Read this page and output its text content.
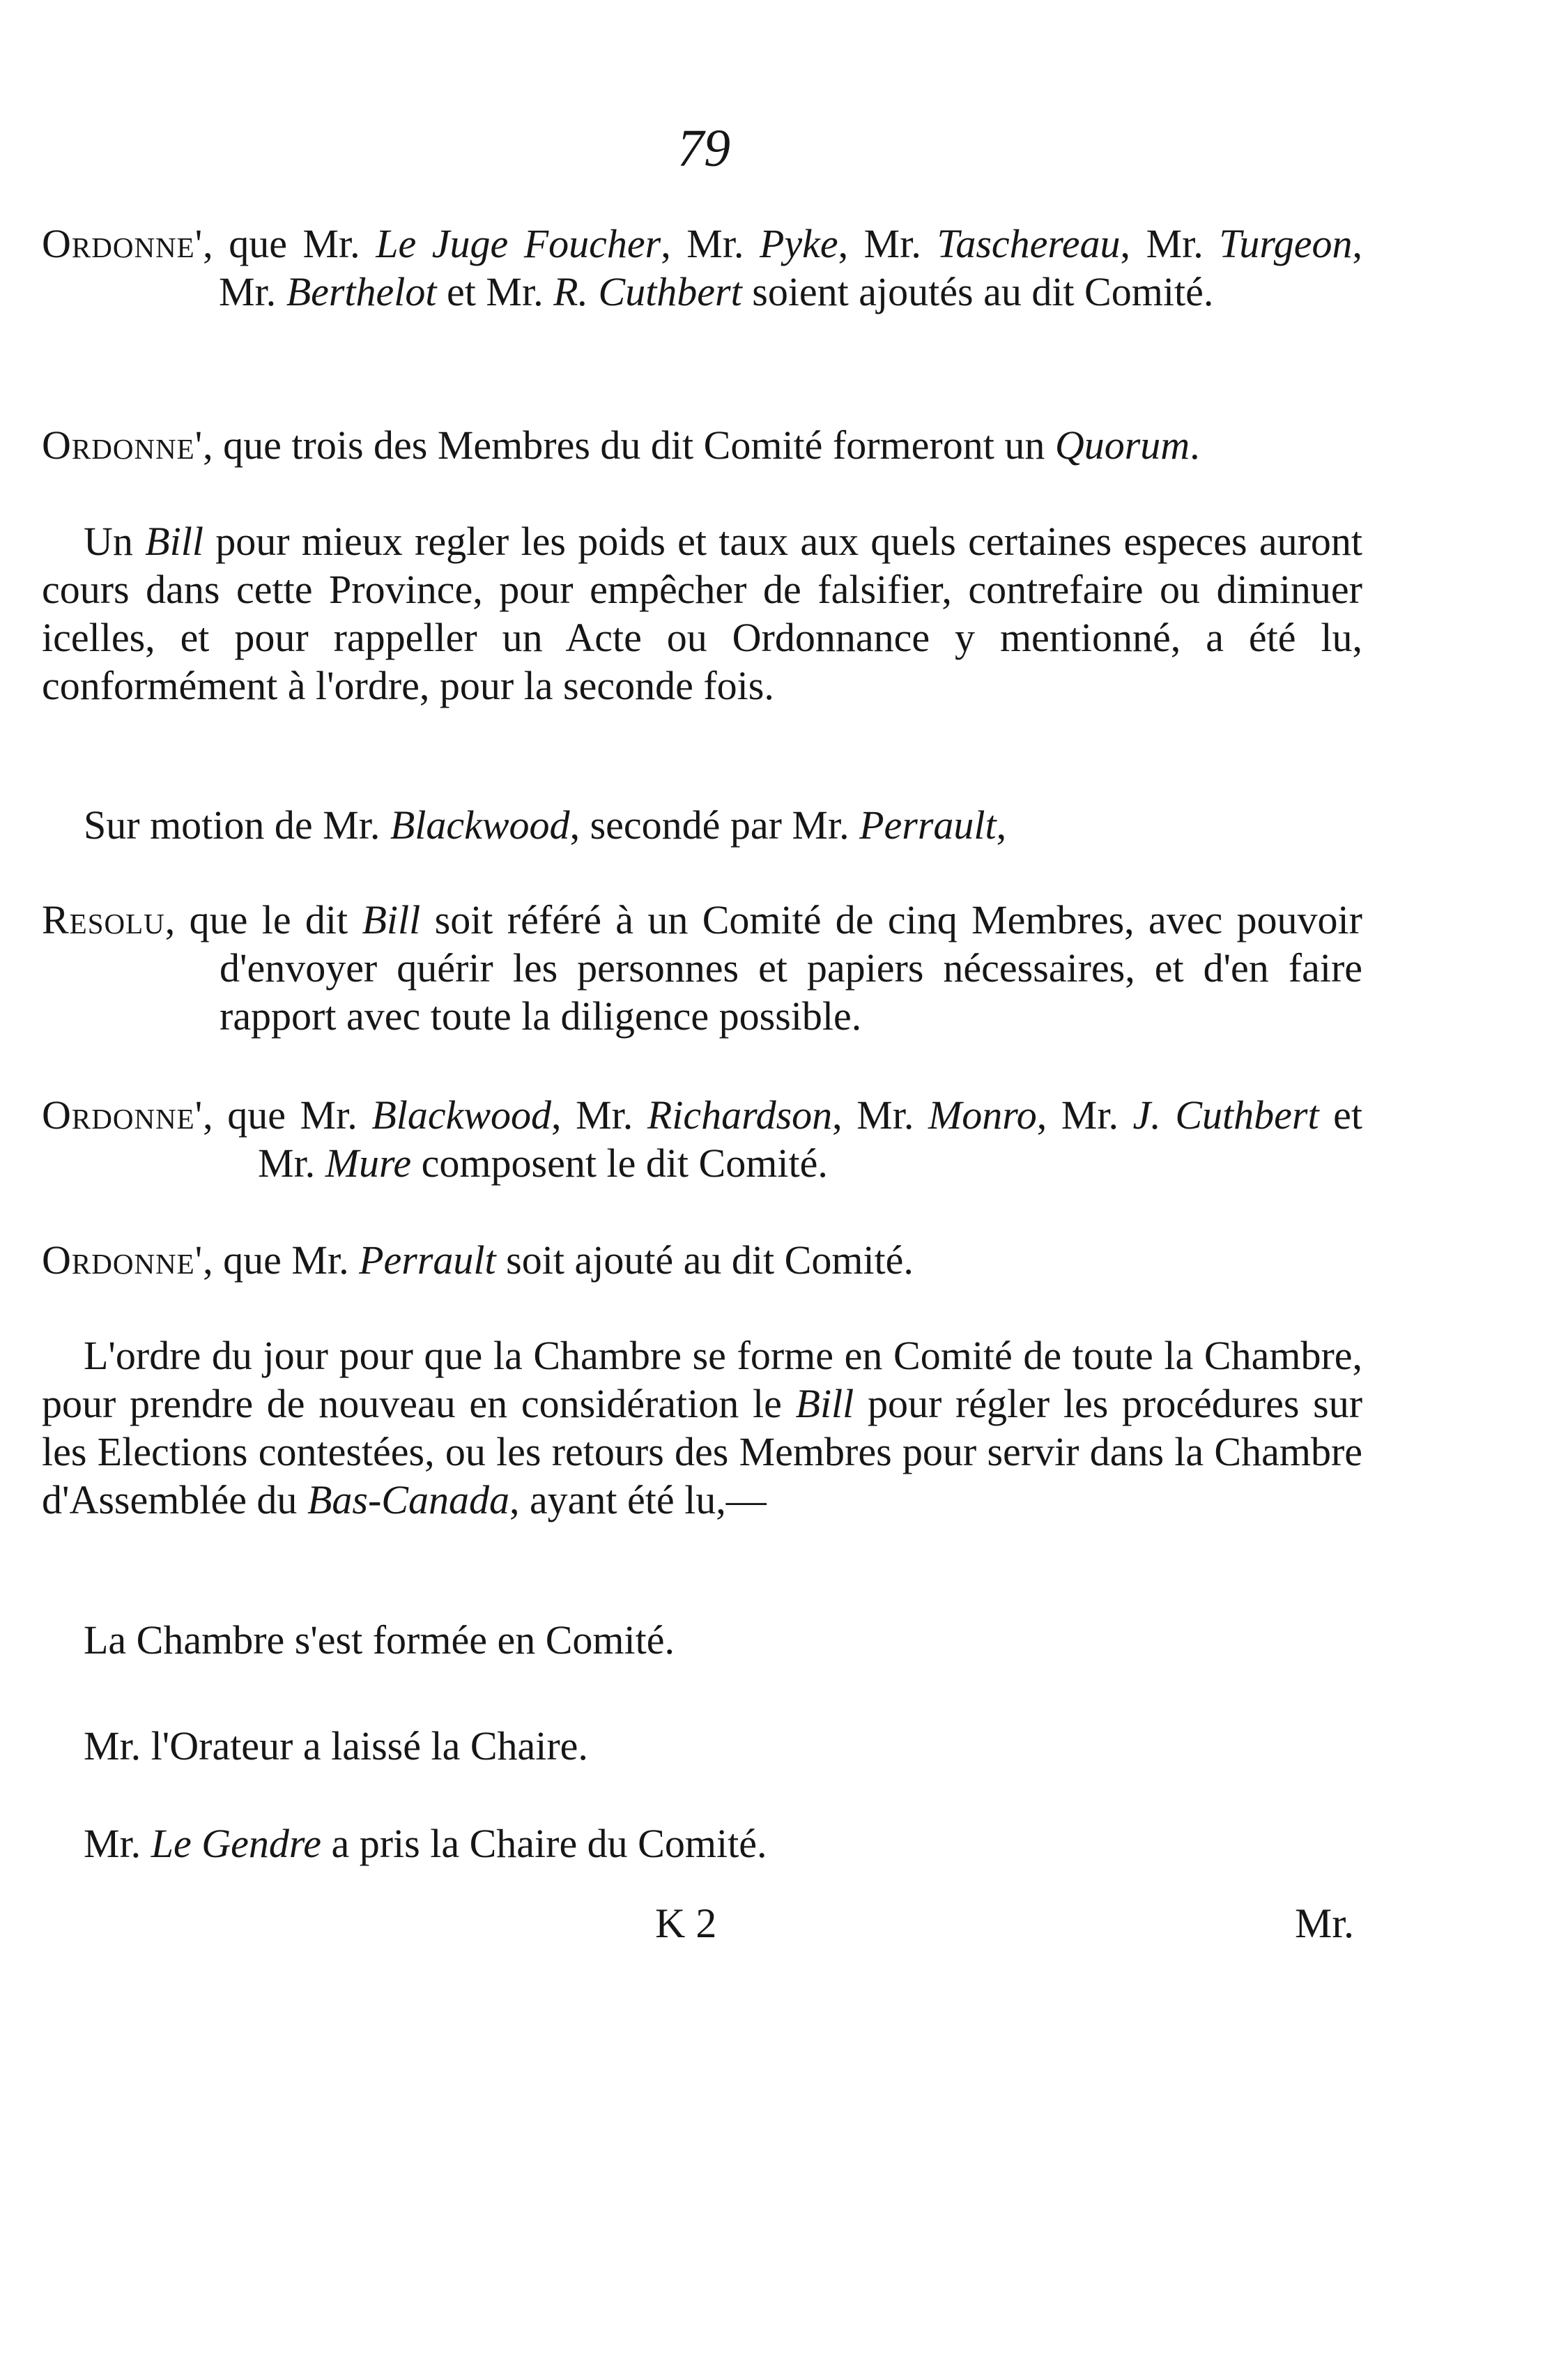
79
Ordonne', que Mr. Le Juge Foucher, Mr. Pyke, Mr. Taschereau, Mr. Turgeon, Mr. Berthelot et Mr. R. Cuthbert soient ajoutés au dit Comité.
Ordonne', que trois des Membres du dit Comité formeront un Quorum.
Un Bill pour mieux regler les poids et taux aux quels certaines especes auront cours dans cette Province, pour empêcher de falsifier, contrefaire ou diminuer icelles, et pour rappeller un Acte ou Ordonnance y mentionné, a été lu, conformément à l'ordre, pour la seconde fois.
Sur motion de Mr. Blackwood, secondé par Mr. Perrault,
Resolu, que le dit Bill soit référé à un Comité de cinq Membres, avec pouvoir d'envoyer quérir les personnes et papiers nécessaires, et d'en faire rapport avec toute la diligence possible.
Ordonne', que Mr. Blackwood, Mr. Richardson, Mr. Monro, Mr. J. Cuthbert et Mr. Mure composent le dit Comité.
Ordonne', que Mr. Perrault soit ajouté au dit Comité.
L'ordre du jour pour que la Chambre se forme en Comité de toute la Chambre, pour prendre de nouveau en considération le Bill pour régler les procédures sur les Elections contestées, ou les retours des Membres pour servir dans la Chambre d'Assemblée du Bas-Canada, ayant été lu,—
La Chambre s'est formée en Comité.
Mr. l'Orateur a laissé la Chaire.
Mr. Le Gendre a pris la Chaire du Comité.
K 2	Mr.
